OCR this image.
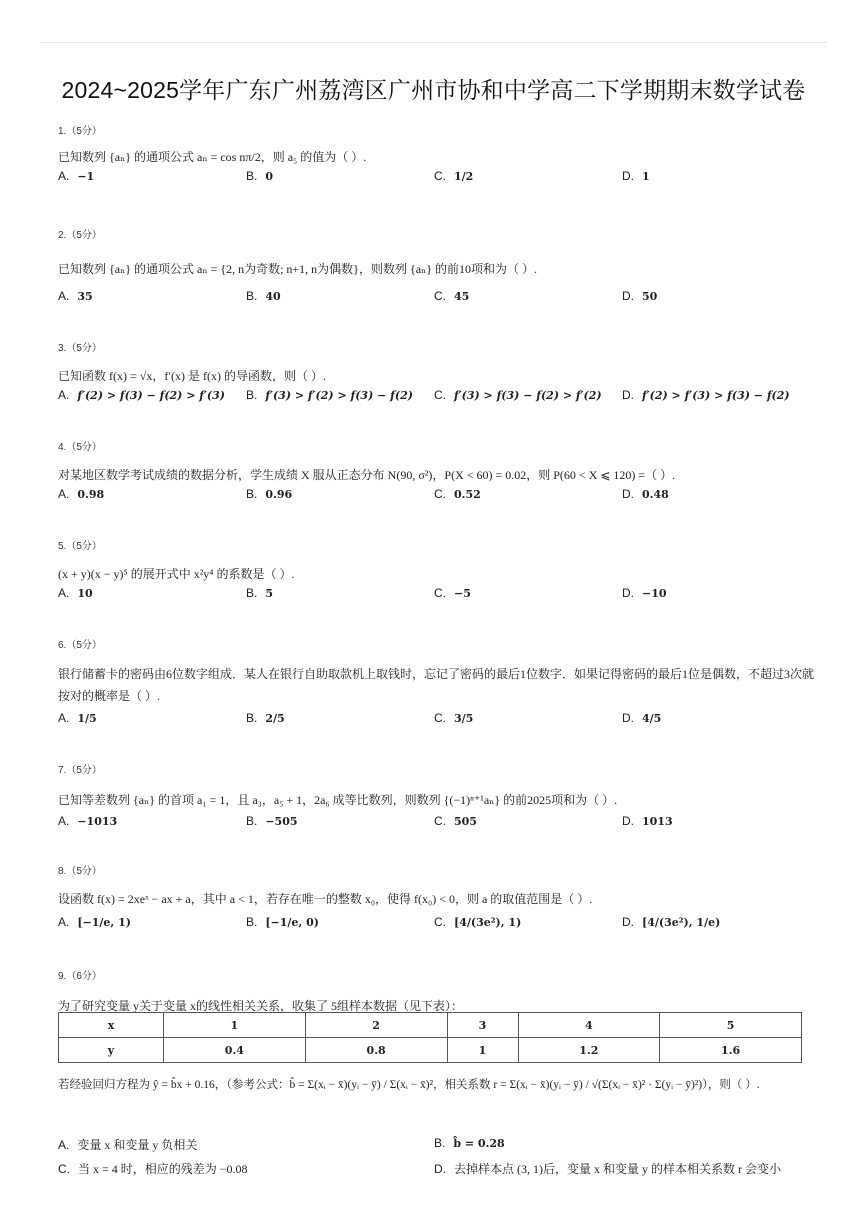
2024~2025学年广东广州荔湾区广州市协和中学高二下学期期末数学试卷
1.（5分）
已知数列 {aₙ} 的通项公式 aₙ = cos nπ/2，则 a₅ 的值为（ ）.
A. −1	B. 0	C. 1/2	D. 1
2.（5分）
已知数列 {aₙ} 的通项公式 aₙ = {2, n为奇数; n+1, n为偶数}，则数列 {aₙ} 的前10项和为（ ）.
A. 35	B. 40	C. 45	D. 50
3.（5分）
已知函数 f(x) = √x，f′(x) 是 f(x) 的导函数，则（ ）.
A. f′(2) > f(3) − f(2) > f′(3) B. f′(3) > f′(2) > f(3) − f(2) C. f′(3) > f(3) − f(2) > f′(2) D. f′(2) > f′(3) > f(3) − f(2)
4.（5分）
对某地区数学考试成绩的数据分析，学生成绩 X 服从正态分布 N(90, σ²)，P(X < 60) = 0.02，则 P(60 < X ⩽ 120) =（ ）.
A. 0.98	B. 0.96	C. 0.52	D. 0.48
5.（5分）
(x + y)(x − y)⁵ 的展开式中 x²y⁴ 的系数是（ ）.
A. 10	B. 5	C. −5	D. −10
6.（5分）
银行储蓄卡的密码由6位数字组成．某人在银行自助取款机上取钱时，忘记了密码的最后1位数字．如果记得密码的最后1位是偶数，不超过3次就按对的概率是（ ）.
A. 1/5	B. 2/5	C. 3/5	D. 4/5
7.（5分）
已知等差数列 {aₙ} 的首项 a₁ = 1，且 a₃，a₅ + 1，2a₆ 成等比数列，则数列 {(−1)ⁿ⁺¹aₙ} 的前2025项和为（ ）.
A. −1013	B. −505	C. 505	D. 1013
8.（5分）
设函数 f(x) = 2xeˣ − ax + a，其中 a < 1，若存在唯一的整数 x₀，使得 f(x₀) < 0，则 a 的取值范围是（ ）.
A. [−1/e, 1)	B. [−1/e, 0)	C. [4/(3e²), 1)	D. [4/(3e²), 1/e)
9.（6分）
为了研究变量 y关于变量 x的线性相关关系，收集了 5组样本数据（见下表）：
x	1	2	3	4	5
y	0.4	0.8	1	1.2	1.6
若经验回归方程为 ŷ = b̂x + 0.16，（参考公式：b̂ = Σ(xᵢ − x̄)(yᵢ − ȳ) / Σ(xᵢ − x̄)²，相关系数 r = Σ(xᵢ − x̄)(yᵢ − ȳ) / √(Σ(xᵢ − x̄)² · Σ(yᵢ − ȳ)²)），则（ ）.
A. 变量 x 和变量 y 负相关	B. b̂ = 0.28
C. 当 x = 4 时，相应的残差为 −0.08	D. 去掉样本点 (3, 1)后，变量 x 和变量 y 的样本相关系数 r 会变小
